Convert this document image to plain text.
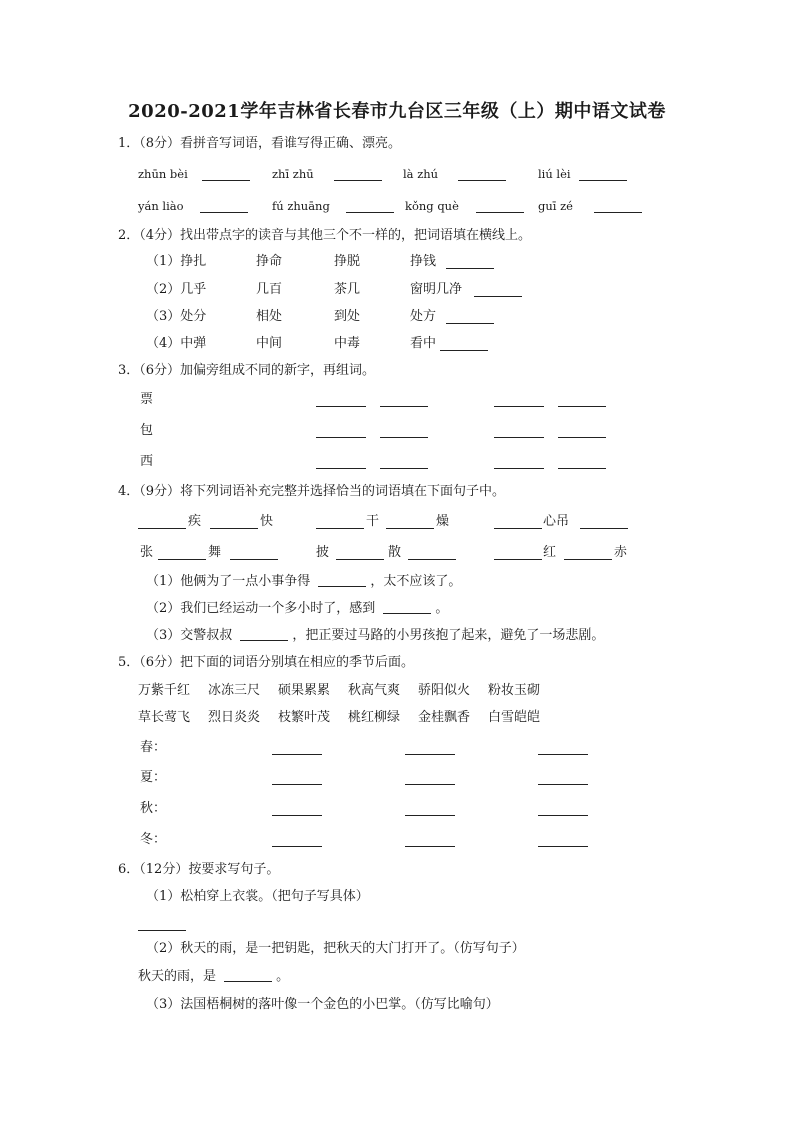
2020-2021学年吉林省长春市九台区三年级（上）期中语文试卷
1．（8分）看拼音写词语，看谁写得正确、漂亮。
zhūn bèi	zhī zhū	là zhú	liú lèi
yán liào	fú zhuāng	kǒng què	guī zé
2．（4分）找出带点字的读音与其他三个不一样的，把词语填在横线上。
（1）挣扎	挣命	挣脱	挣钱
（2）几乎	几百	茶几	窗明几净
（3）处分	相处	到处	处方
（4）中弹	中间	中毒	看中
3．（6分）加偏旁组成不同的新字，再组词。
票
包
西
4．（9分）将下列词语补充完整并选择恰当的词语填在下面句子中。
疾	快	干	燥	心吊
张	舞	披	散	红	赤
（1）他俩为了一点小事争得	，太不应该了。
（2）我们已经运动一个多小时了，感到	。
（3）交警叔叔	，把正要过马路的小男孩抱了起来，避免了一场悲剧。
5．（6分）把下面的词语分别填在相应的季节后面。
万紫千红 冰冻三尺 硕果累累 秋高气爽 骄阳似火 粉妆玉砌
草长莺飞 烈日炎炎 枝繁叶茂 桃红柳绿 金桂飘香 白雪皑皑
春：
夏：
秋：
冬：
6．（12分）按要求写句子。
（1）松柏穿上衣裳。（把句子写具体）
（2）秋天的雨，是一把钥匙，把秋天的大门打开了。（仿写句子）
秋天的雨，是	。
（3）法国梧桐树的落叶像一个金色的小巴掌。（仿写比喻句）
